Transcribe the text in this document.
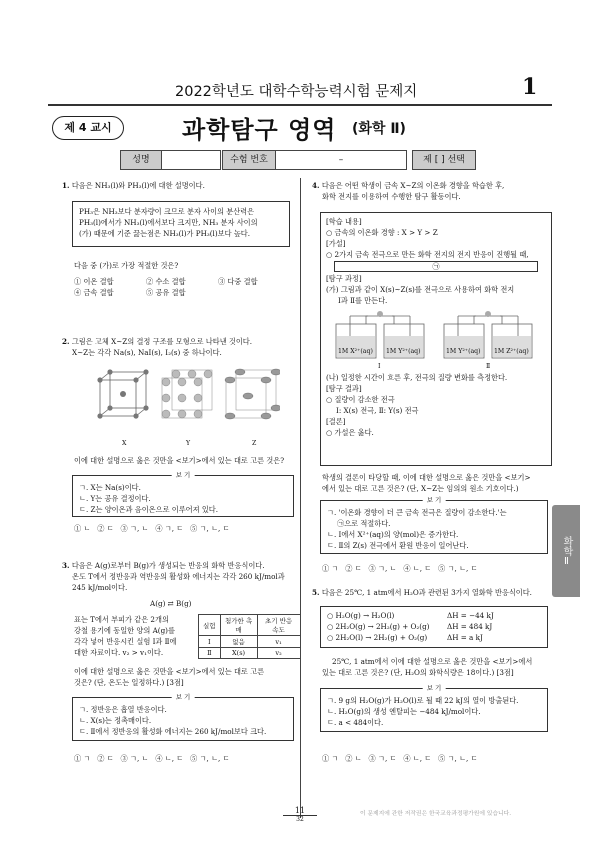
2022학년도 대학수학능력시험 문제지	1
제 4 교시	과학탐구 영역 (화학 Ⅱ)
성명	수험 번호	–	제 [ ] 선택
1. 다음은 NH₃(l)와 PH₃(l)에 대한 설명이다.
PH₃은 NH₃보다 분자량이 크므로 분자 사이의 분산력은
PH₃(l)에서가 NH₃(l)에서보다 크지만, NH₃ 분자 사이의
(가) 때문에 기준 끓는점은 NH₃(l)가 PH₃(l)보다 높다.
다음 중 (가)로 가장 적절한 것은?
① 이온 결합	② 수소 결합	③ 다중 결합
④ 금속 결합	⑤ 공유 결합
2. 그림은 고체 X~Z의 결정 구조를 모형으로 나타낸 것이다.
X~Z는 각각 Na(s), NaI(s), I₂(s) 중 하나이다.
X	Y	Z
이에 대한 설명으로 옳은 것만을 <보기>에서 있는 대로 고른 것은?
보 기
ㄱ. X는 Na(s)이다.
ㄴ. Y는 공유 결정이다.
ㄷ. Z는 양이온과 음이온으로 이루어져 있다.
① ㄴ   ② ㄷ   ③ ㄱ, ㄴ   ④ ㄱ, ㄷ   ⑤ ㄱ, ㄴ, ㄷ
3. 다음은 A(g)로부터 B(g)가 생성되는 반응의 화학 반응식이다.
온도 T에서 정반응과 역반응의 활성화 에너지는 각각 260 kJ/mol과
245 kJ/mol이다.
A(g) ⇄ B(g)
표는 T에서 부피가 같은 2개의
강철 용기에 동일한 양의 A(g)를
각각 넣어 반응시킨 실험 Ⅰ과 Ⅱ에
대한 자료이다. v₂ > v₁이다.
실험	첨가한 촉매	초기 반응 속도
Ⅰ	없음	v₁
Ⅱ	X(s)	v₂
이에 대한 설명으로 옳은 것만을 <보기>에서 있는 대로 고른
것은? (단, 온도는 일정하다.) [3점]
보 기
ㄱ. 정반응은 흡열 반응이다.
ㄴ. X(s)는 정촉매이다.
ㄷ. Ⅱ에서 정반응의 활성화 에너지는 260 kJ/mol보다 크다.
① ㄱ   ② ㄷ   ③ ㄱ, ㄴ   ④ ㄴ, ㄷ   ⑤ ㄱ, ㄴ, ㄷ
4. 다음은 어떤 학생이 금속 X~Z의 이온화 경향을 학습한 후,
화학 전지를 이용하여 수행한 탐구 활동이다.
[학습 내용]
○ 금속의 이온화 경향 : X > Y > Z
[가설]
○ 2가지 금속 전극으로 만든 화학 전지의 전지 반응이 진행될 때,
㉠
[탐구 과정]
(가) 그림과 같이 X(s)~Z(s)를 전극으로 사용하여 화학 전지
Ⅰ과 Ⅱ를 만든다.
1M X²⁺(aq) 1M Y²⁺(aq)	1M Y²⁺(aq) 1M Z²⁺(aq)
Ⅰ	Ⅱ
(나) 일정한 시간이 흐른 후, 전극의 질량 변화를 측정한다.
[탐구 결과]
○ 질량이 감소한 전극
Ⅰ: X(s) 전극, Ⅱ: Y(s) 전극
[결론]
○ 가설은 옳다.
학생의 결론이 타당할 때, 이에 대한 설명으로 옳은 것만을 <보기>
에서 있는 대로 고른 것은? (단, X~Z는 임의의 원소 기호이다.)
보 기
ㄱ. '이온화 경향이 더 큰 금속 전극은 질량이 감소한다.'는
㉠으로 적절하다.
ㄴ. Ⅰ에서 X²⁺(aq)의 양(mol)은 증가한다.
ㄷ. Ⅱ의 Z(s) 전극에서 환원 반응이 일어난다.
① ㄱ   ② ㄷ   ③ ㄱ, ㄴ   ④ ㄴ, ㄷ   ⑤ ㄱ, ㄴ, ㄷ
5. 다음은 25℃, 1 atm에서 H₂O과 관련된 3가지 열화학 반응식이다.
○ H₂O(g) → H₂O(l)	ΔH = −44 kJ
○ 2H₂O(g) → 2H₂(g) + O₂(g) ΔH = 484 kJ
○ 2H₂O(l) → 2H₂(g) + O₂(g)	ΔH = a kJ
25℃, 1 atm에서 이에 대한 설명으로 옳은 것만을 <보기>에서
있는 대로 고른 것은? (단, H₂O의 화학식량은 18이다.) [3점]
보 기
ㄱ. 9 g의 H₂O(g)가 H₂O(l)로 될 때 22 kJ의 열이 방출된다.
ㄴ. H₂O(g)의 생성 엔탈피는 −484 kJ/mol이다.
ㄷ. a < 484이다.
① ㄱ   ② ㄴ   ③ ㄱ, ㄷ   ④ ㄴ, ㄷ   ⑤ ㄱ, ㄴ, ㄷ
화학Ⅱ
11
32
이 문제지에 관한 저작권은 한국교육과정평가원에 있습니다.
